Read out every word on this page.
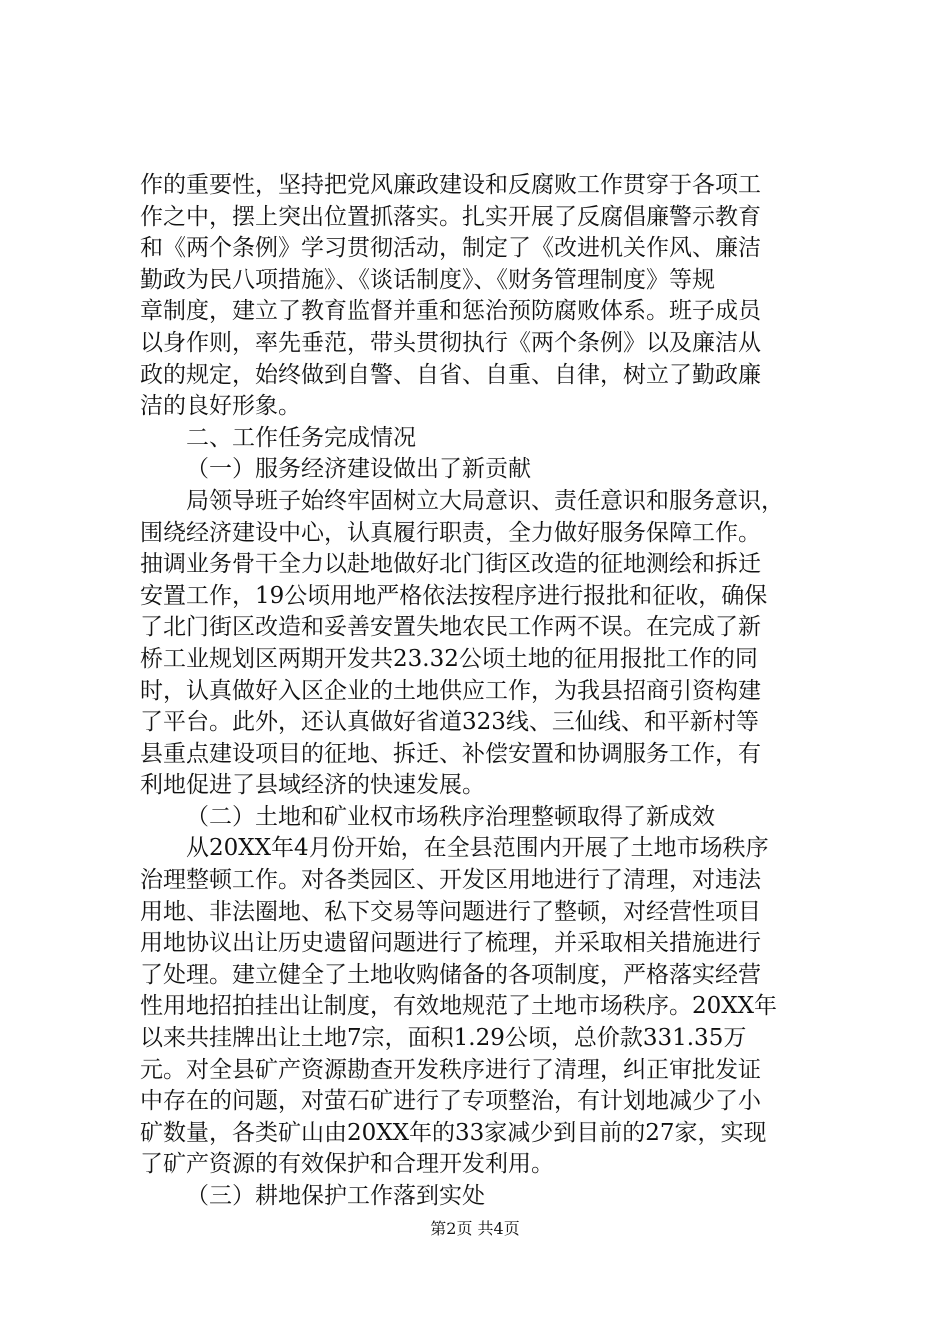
作的重要性，坚持把党风廉政建设和反腐败工作贯穿于各项工
作之中，摆上突出位置抓落实。扎实开展了反腐倡廉警示教育
和《两个条例》学习贯彻活动，制定了《改进机关作风、廉洁
勤政为民八项措施》、《谈话制度》、《财务管理制度》等规
章制度，建立了教育监督并重和惩治预防腐败体系。班子成员
以身作则，率先垂范，带头贯彻执行《两个条例》以及廉洁从
政的规定，始终做到自警、自省、自重、自律，树立了勤政廉
洁的良好形象。
二、工作任务完成情况
（一）服务经济建设做出了新贡献
局领导班子始终牢固树立大局意识、责任意识和服务意识，
围绕经济建设中心，认真履行职责，全力做好服务保障工作。
抽调业务骨干全力以赴地做好北门街区改造的征地测绘和拆迁
安置工作，19公顷用地严格依法按程序进行报批和征收，确保
了北门街区改造和妥善安置失地农民工作两不误。在完成了新
桥工业规划区两期开发共23.32公顷土地的征用报批工作的同
时，认真做好入区企业的土地供应工作，为我县招商引资构建
了平台。此外，还认真做好省道323线、三仙线、和平新村等
县重点建设项目的征地、拆迁、补偿安置和协调服务工作，有
利地促进了县域经济的快速发展。
（二）土地和矿业权市场秩序治理整顿取得了新成效
从20XX年4月份开始，在全县范围内开展了土地市场秩序
治理整顿工作。对各类园区、开发区用地进行了清理，对违法
用地、非法圈地、私下交易等问题进行了整顿，对经营性项目
用地协议出让历史遗留问题进行了梳理，并采取相关措施进行
了处理。建立健全了土地收购储备的各项制度，严格落实经营
性用地招拍挂出让制度，有效地规范了土地市场秩序。20XX年
以来共挂牌出让土地7宗，面积1.29公顷，总价款331.35万
元。对全县矿产资源勘查开发秩序进行了清理，纠正审批发证
中存在的问题，对萤石矿进行了专项整治，有计划地减少了小
矿数量，各类矿山由20XX年的33家减少到目前的27家，实现
了矿产资源的有效保护和合理开发利用。
（三）耕地保护工作落到实处
第2页 共4页
